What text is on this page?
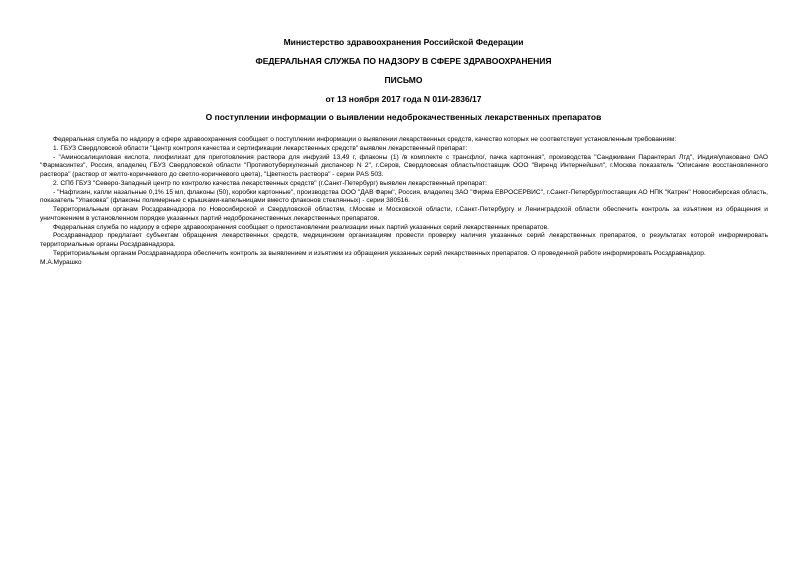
Министерство здравоохранения Российской Федерации
ФЕДЕРАЛЬНАЯ СЛУЖБА ПО НАДЗОРУ В СФЕРЕ ЗДРАВООХРАНЕНИЯ
ПИСЬМО
от 13 ноября 2017 года N 01И-2836/17
О поступлении информации о выявлении недоброкачественных лекарственных препаратов

Федеральная служба по надзору в сфере здравоохранения сообщает о поступлении информации о выявлении лекарственных средств, качество которых не соответствует установленным требованиям:

1. ГБУЗ Свердловской области "Центр контроля качества и сертификации лекарственных средств" выявлен лекарственный препарат:

- "Аминосалициловая кислота, лиофилизат для приготовления раствора для инфузий 13,49 г, флаконы (1) /в комплекте с трансфло/, пачка картонная", производства "Сандживани Парантерал Лтд", Индия/упаковано ОАО "Фармасинтез", Россия, владелец ГБУЗ Свердловской области "Противотуберкулезный диспансер N 2", г.Серов, Свердловская область/поставщик ООО "Виренд Интернейшнл", г.Москва показатель "Описание восстановленного раствора" (раствор от желто-коричневого до светло-коричневого цвета), "Цветность раствора" - серии PAS 503.

2. СПб ГБУЗ "Северо-Западный центр по контролю качества лекарственных средств" (г.Санкт-Петербург) выявлен лекарственный препарат:

- "Нафтизин, капли назальные 0,1% 15 мл, флаконы (50), коробки картонные", производства ООО "ДАВ Фарм", Россия, владелец ЗАО "Фирма ЕВРОСЕРВИС", г.Санкт-Петербург/поставщик АО НПК "Катрен" Новосибирская область, показатель "Упаковка" (флаконы полимерные с крышками-капельницами вместо флаконов стеклянных) - серии 380516.

Территориальным органам Росздравнадзора по Новосибирской и Свердловской областям, г.Москве и Московской области, г.Санкт-Петербургу и Ленинградской области обеспечить контроль за изъятием из обращения и уничтожением в установленном порядке указанных партий недоброкачественных лекарственных препаратов.

Федеральная служба по надзору в сфере здравоохранения сообщает о приостановлении реализации иных партий указанных серий лекарственных препаратов.

Росздравнадзор предлагает субъектам обращения лекарственных средств, медицинским организациям провести проверку наличия указанных серий лекарственных препаратов, о результатах которой информировать территориальные органы Росздравнадзора.

Территориальным органам Росздравнадзора обеспечить контроль за выявлением и изъятием из обращения указанных серий лекарственных препаратов. О проведенной работе информировать Росздравнадзор.

М.А.Мурашко
